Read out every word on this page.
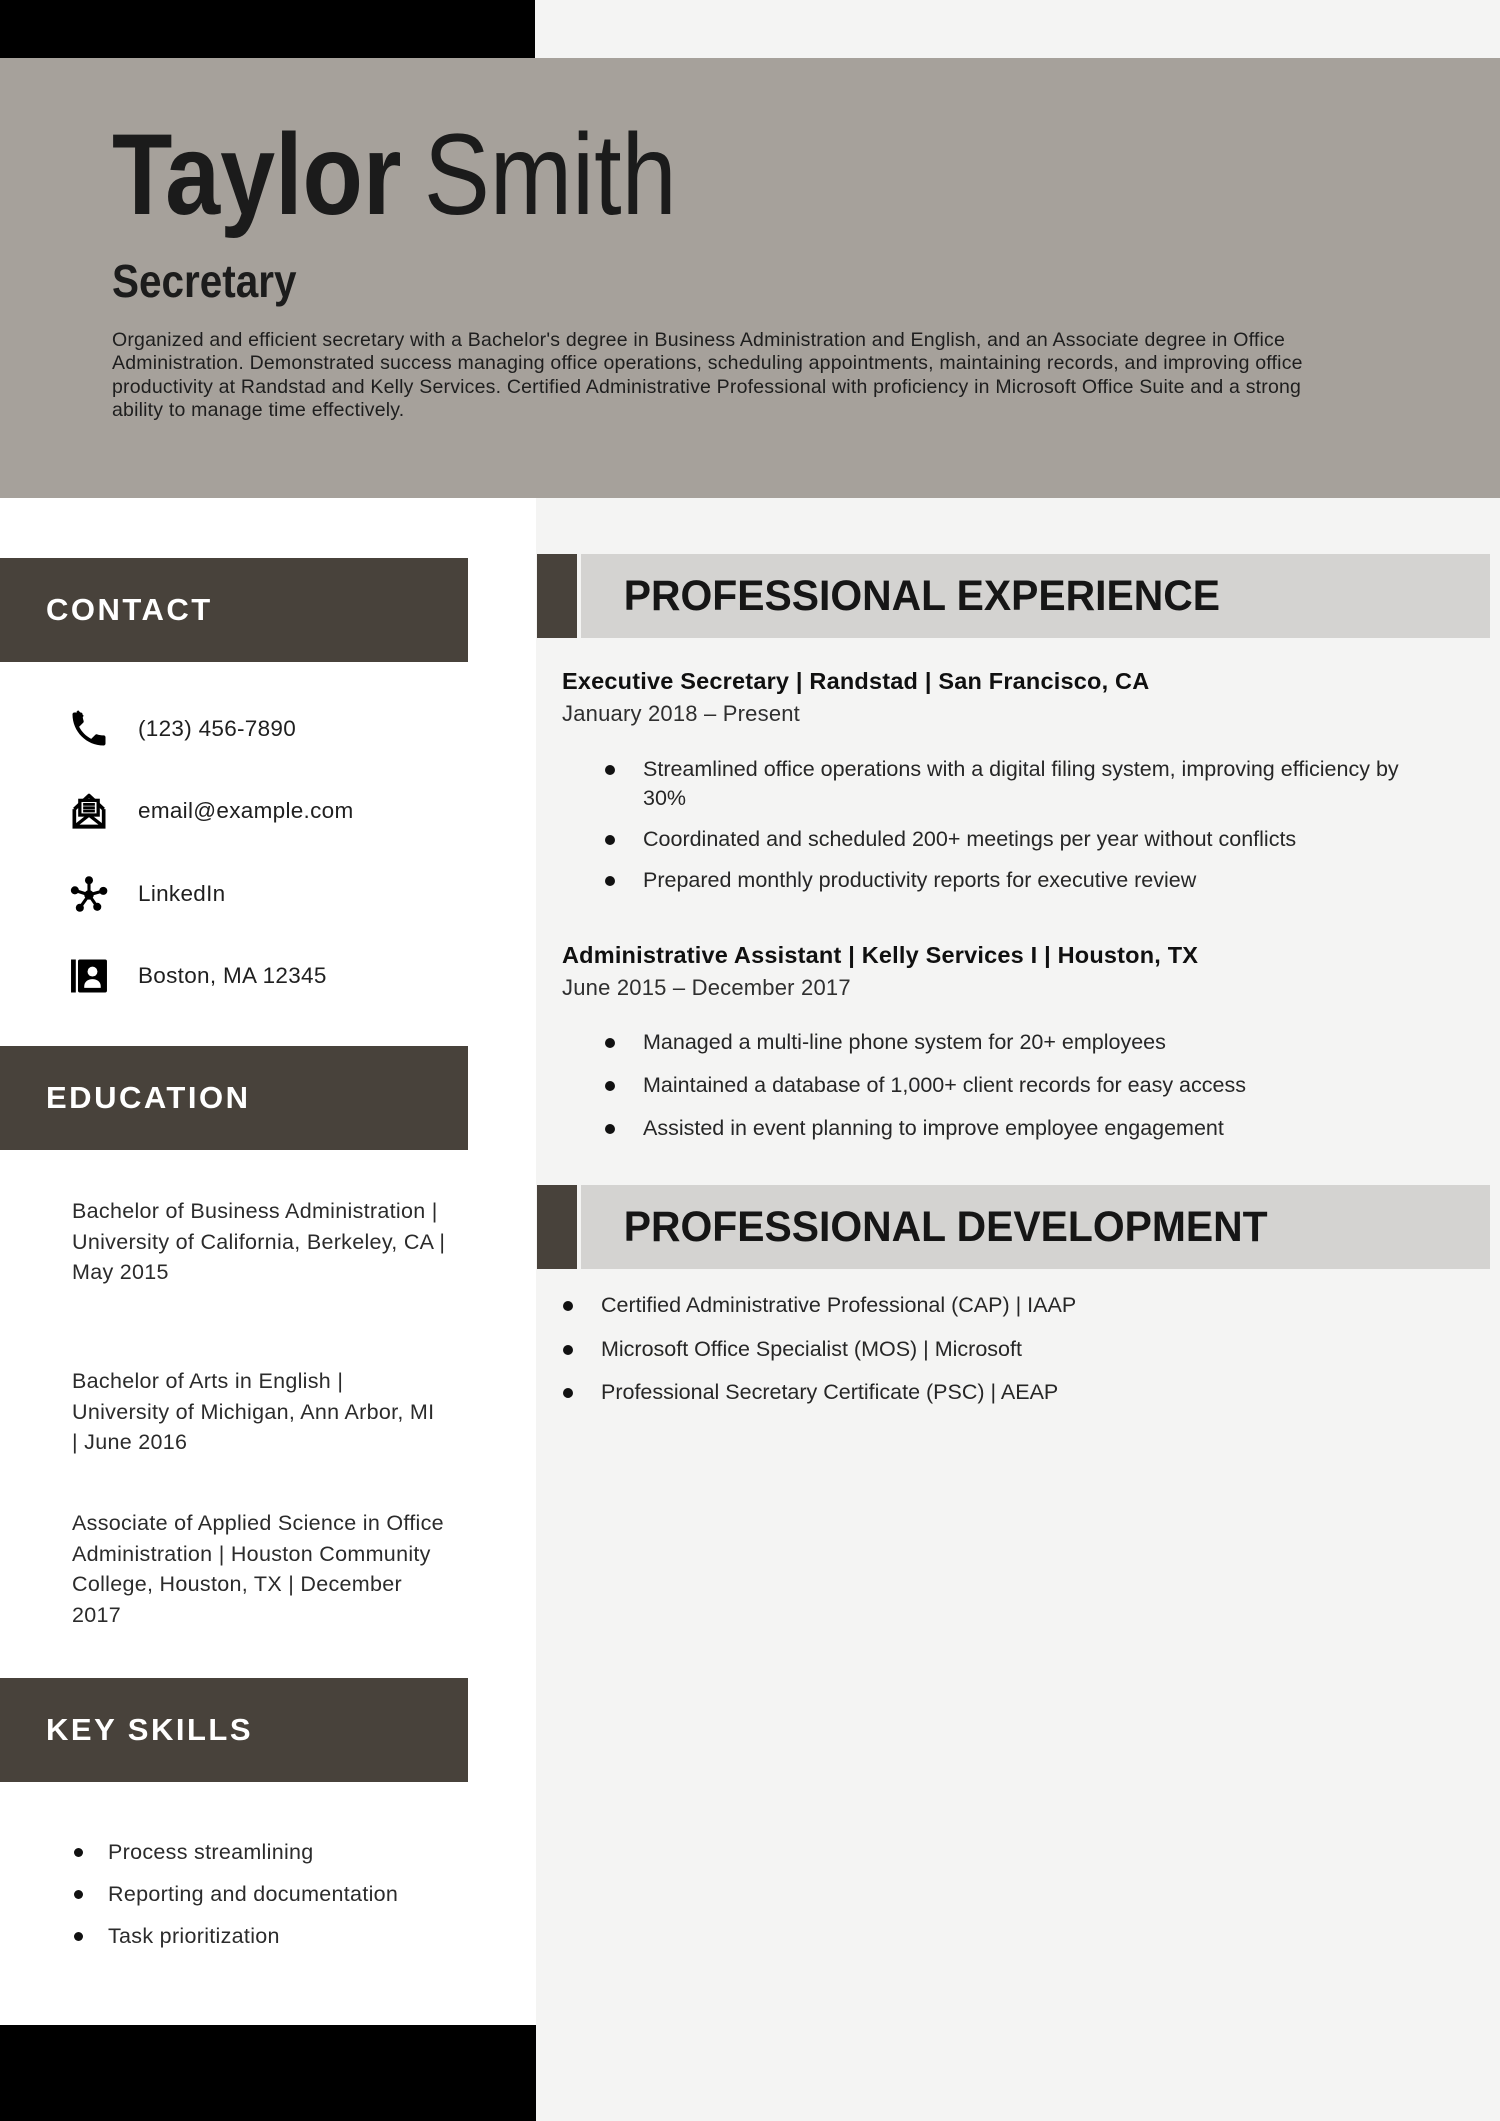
Taylor Smith
Secretary
Organized and efficient secretary with a Bachelor's degree in Business Administration and English, and an Associate degree in Office Administration. Demonstrated success managing office operations, scheduling appointments, maintaining records, and improving office productivity at Randstad and Kelly Services. Certified Administrative Professional with proficiency in Microsoft Office Suite and a strong ability to manage time effectively.
CONTACT
(123) 456-7890
email@example.com
LinkedIn
Boston, MA 12345
EDUCATION
Bachelor of Business Administration | University of California, Berkeley, CA | May 2015
Bachelor of Arts in English | University of Michigan, Ann Arbor, MI | June 2016
Associate of Applied Science in Office Administration | Houston Community College, Houston, TX | December 2017
KEY SKILLS
Process streamlining
Reporting and documentation
Task prioritization
PROFESSIONAL EXPERIENCE
Executive Secretary | Randstad | San Francisco, CA
January 2018 – Present
Streamlined office operations with a digital filing system, improving efficiency by 30%
Coordinated and scheduled 200+ meetings per year without conflicts
Prepared monthly productivity reports for executive review
Administrative Assistant | Kelly Services I | Houston, TX
June 2015 – December 2017
Managed a multi-line phone system for 20+ employees
Maintained a database of 1,000+ client records for easy access
Assisted in event planning to improve employee engagement
PROFESSIONAL DEVELOPMENT
Certified Administrative Professional (CAP) | IAAP
Microsoft Office Specialist (MOS) | Microsoft
Professional Secretary Certificate (PSC) | AEAP
